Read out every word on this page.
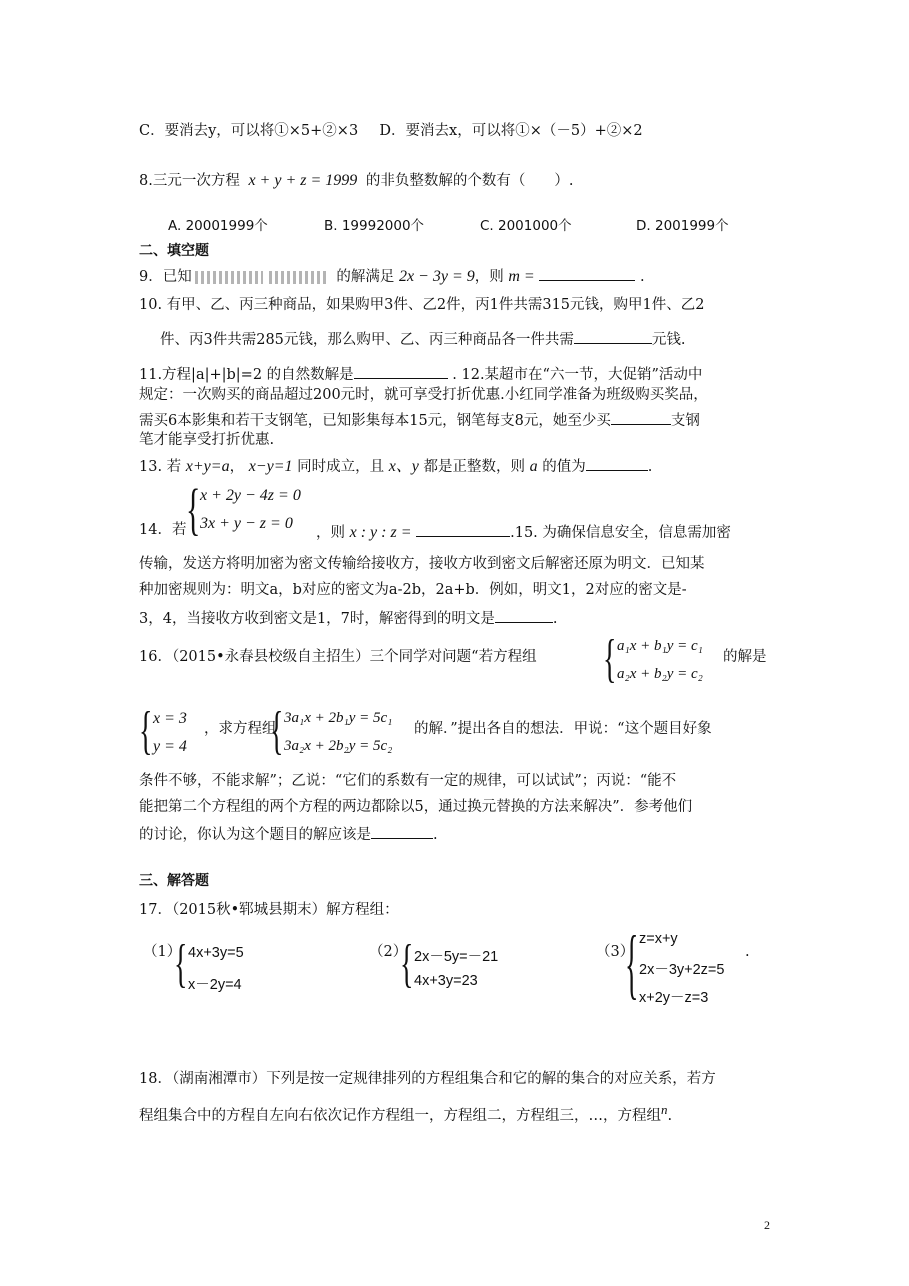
C．要消去y，可以将①×5+②×3 D．要消去x，可以将①×（－5）+②×2
8.三元一次方程 x + y + z = 1999 的非负整数解的个数有（　　）.
A. 20001999个	B. 19992000个	C. 2001000个	D. 2001999个
二、填空题
9．已知	的解满足 2x − 3y = 9，则 m =	.
10. 有甲、乙、丙三种商品，如果购甲3件、乙2件，丙1件共需315元钱，购甲1件、乙2
件、丙3件共需285元钱，那么购甲、乙、丙三种商品各一件共需	元钱.
11.方程|a|+|b|=2 的自然数解是	. 12.某超市在“六一节，大促销”活动中
规定：一次购买的商品超过200元时，就可享受打折优惠.小红同学准备为班级购买奖品，
需买6本影集和若干支钢笔，已知影集每本15元，钢笔每支8元，她至少买	支钢
笔才能享受打折优惠.
13. 若 x+y=a， x−y=1 同时成立，且 x、y 都是正整数，则 a 的值为	.
14．若 { x + 2y − 4z = 0
3x + y − z = 0
，则 x : y : z =	.15. 为确保信息安全，信息需加密
传输，发送方将明加密为密文传输给接收方，接收方收到密文后解密还原为明文．已知某
种加密规则为：明文a，b对应的密文为a-2b，2a+b．例如，明文1，2对应的密文是-
3，4，当接收方收到密文是1，7时，解密得到的明文是	.
16．（2015•永春县校级自主招生）三个同学对问题“若方程组 { a₁x + b₁y = c₁
a₂x + b₂y = c₂
的解是
{ x = 3
y = 4
，求方程组
{ 3a₁x + 2b₁y = 5c₁
3a₂x + 2b₂y = 5c₂
的解．”提出各自的想法．甲说：“这个题目好象
条件不够，不能求解”；乙说：“它们的系数有一定的规律，可以试试”；丙说：“能不
能把第二个方程组的两个方程的两边都除以5，通过换元替换的方法来解决”．参考他们
的讨论，你认为这个题目的解应该是	.
三、解答题
17．（2015秋•郓城县期末）解方程组：
（1）
{ 4x+3y=5
x－2y=4
（2）
{ 2x－5y=－21
4x+3y=23
（3）
{ z=x+y
2x－3y+2z=5
x+2y－z=3
.
18．（湖南湘潭市）下列是按一定规律排列的方程组集合和它的解的集合的对应关系，若方
程组集合中的方程自左向右依次记作方程组一，方程组二，方程组三，…，方程组$^n$.
2
